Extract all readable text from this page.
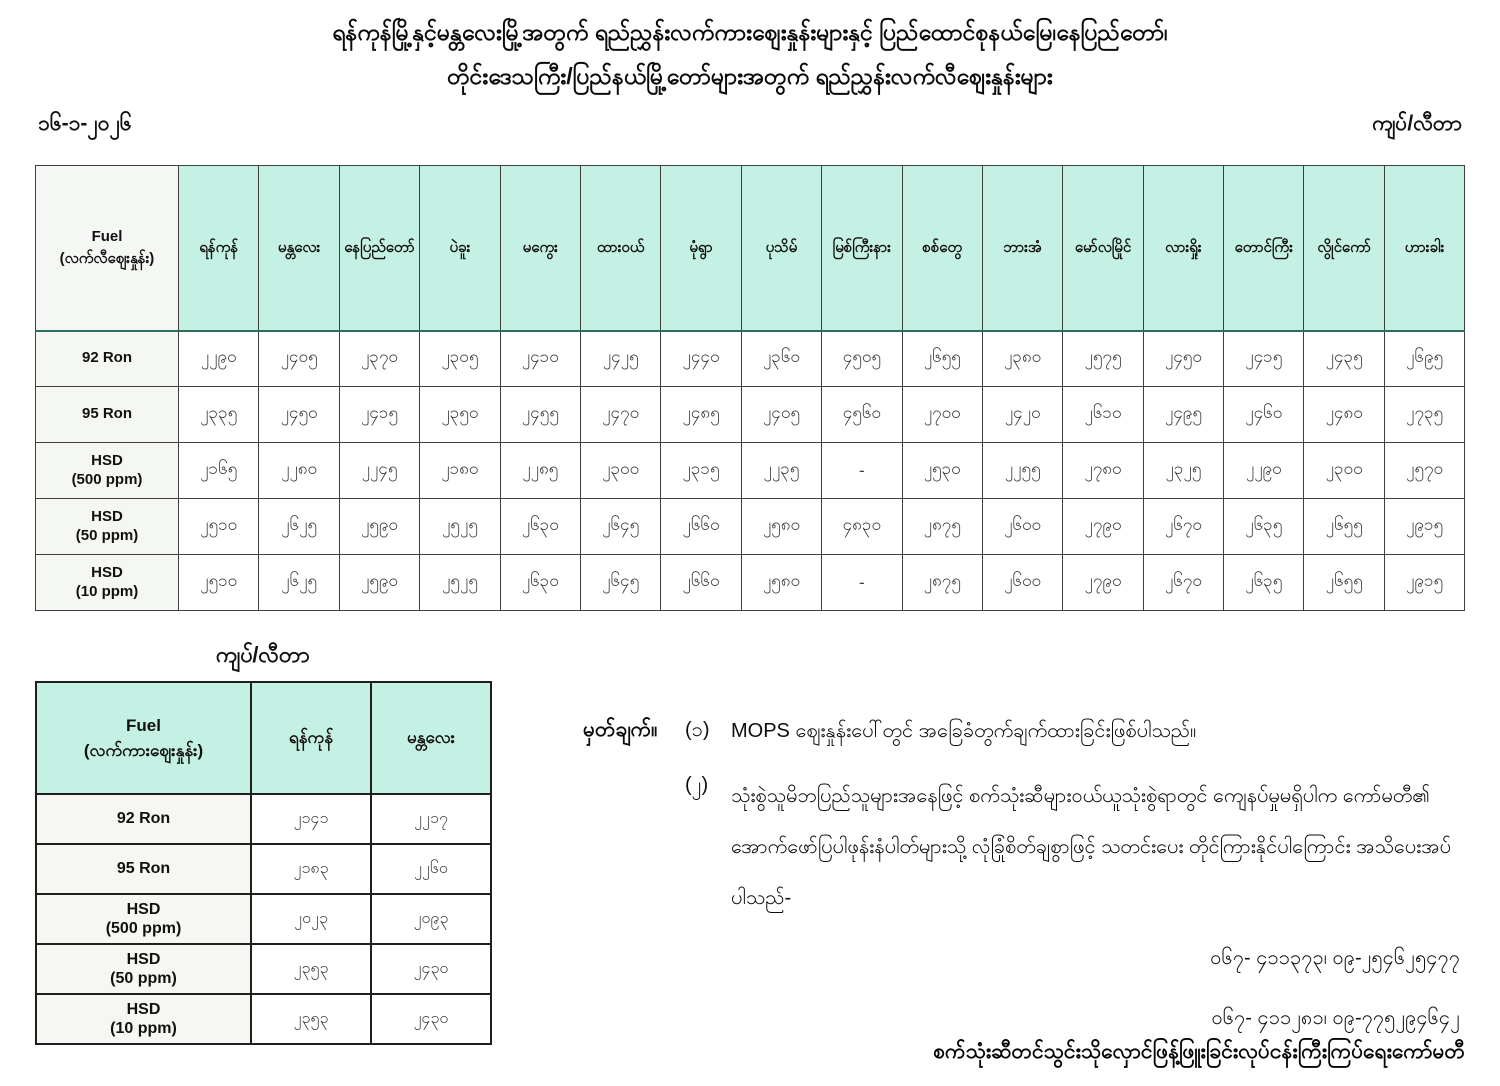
ရန်ကုန်မြို့နှင့်မန္တလေးမြို့အတွက် ရည်ညွှန်းလက်ကားဈေးနှုန်းများနှင့် ပြည်ထောင်စုနယ်မြေ၊နေပြည်တော်၊
တိုင်းဒေသကြီး/ပြည်နယ်မြို့တော်များအတွက် ရည်ညွှန်းလက်လီဈေးနှုန်းများ
၁၆-၁-၂၀၂၆	ကျပ်/လီတာ
Fuel
(လက်လီဈေးနှုန်း)	ရန်ကုန်	မန္တလေး	နေပြည်တော်	ပဲခူး	မကွေး	ထားဝယ်	မုံရွာ	ပုသိမ်	မြစ်ကြီးနား	စစ်တွေ	ဘားအံ	မော်လမြိုင်	လားရှိုး	တောင်ကြီး	လွိုင်ကော်	ဟားခါး

92 Ron	၂၂၉၀	၂၄၀၅	၂၃၇၀	၂၃၀၅	၂၄၁၀	၂၄၂၅	၂၄၄၀	၂၃၆၀	၄၅၀၅	၂၆၅၅	၂၃၈၀	၂၅၇၅	၂၄၅၀	၂၄၁၅	၂၄၃၅	၂၆၉၅

95 Ron	၂၃၃၅	၂၄၅၀	၂၄၁၅	၂၃၅၀	၂၄၅၅	၂၄၇၀	၂၄၈၅	၂၄၀၅	၄၅၆၀	၂၇၀၀	၂၄၂၀	၂၆၁၀	၂၄၉၅	၂၄၆၀	၂၄၈၀	၂၇၃၅

HSD
(500 ppm)	၂၁၆၅	၂၂၈၀	၂၂၄၅	၂၁၈၀	၂၂၈၅	၂၃၀၀	၂၃၁၅	၂၂၃၅	-	၂၅၃၀	၂၂၅၅	၂၇၈၀	၂၃၂၅	၂၂၉၀	၂၃၀၀	၂၅၇၀

HSD
(50 ppm)	၂၅၁၀	၂၆၂၅	၂၅၉၀	၂၅၂၅	၂၆၃၀	၂၆၄၅	၂၆၆၀	၂၅၈၀	၄၈၃၀	၂၈၇၅	၂၆၀၀	၂၇၉၀	၂၆၇၀	၂၆၃၅	၂၆၅၅	၂၉၁၅

HSD
(10 ppm)	၂၅၁၀	၂၆၂၅	၂၅၉၀	၂၅၂၅	၂၆၃၀	၂၆၄၅	၂၆၆၀	၂၅၈၀	-	၂၈၇၅	၂၆၀၀	၂၇၉၀	၂၆၇၀	၂၆၃၅	၂၆၅၅	၂၉၁၅
ကျပ်/လီတာ
Fuel
(လက်ကားဈေးနှုန်း)	ရန်ကုန်	မန္တလေး

92 Ron	၂၁၄၁	၂၂၁၇

95 Ron	၂၁၈၃	၂၂၆၀

HSD
(500 ppm)	၂၀၂၃	၂၀၉၃

HSD
(50 ppm)	၂၃၅၃	၂၄၃၀

HSD
(10 ppm)	၂၃၅၃	၂၄၃၀
မှတ်ချက်။	(၁)	MOPS ဈေးနှုန်းပေါ်တွင် အခြေခံတွက်ချက်ထားခြင်းဖြစ်ပါသည်။
(၂)	သုံးစွဲသူမိဘပြည်သူများအနေဖြင့် စက်သုံးဆီများဝယ်ယူသုံးစွဲရာတွင် ကျေနပ်မှုမရှိပါက ကော်မတီ၏ အောက်ဖော်ပြပါဖုန်းနံပါတ်များသို့ လုံခြုံစိတ်ချစွာဖြင့် သတင်းပေး တိုင်ကြားနိုင်ပါကြောင်း အသိပေးအပ်ပါသည်-
၀၆၇- ၄၁၁၃၇၃၊ ၀၉-၂၅၄၆၂၅၄၇၇
၀၆၇- ၄၁၁၂၈၁၊ ၀၉-၇၇၅၂၉၄၆၄၂
စက်သုံးဆီတင်သွင်းသိုလှောင်ဖြန့်ဖြူးခြင်းလုပ်ငန်းကြီးကြပ်ရေးကော်မတီ
